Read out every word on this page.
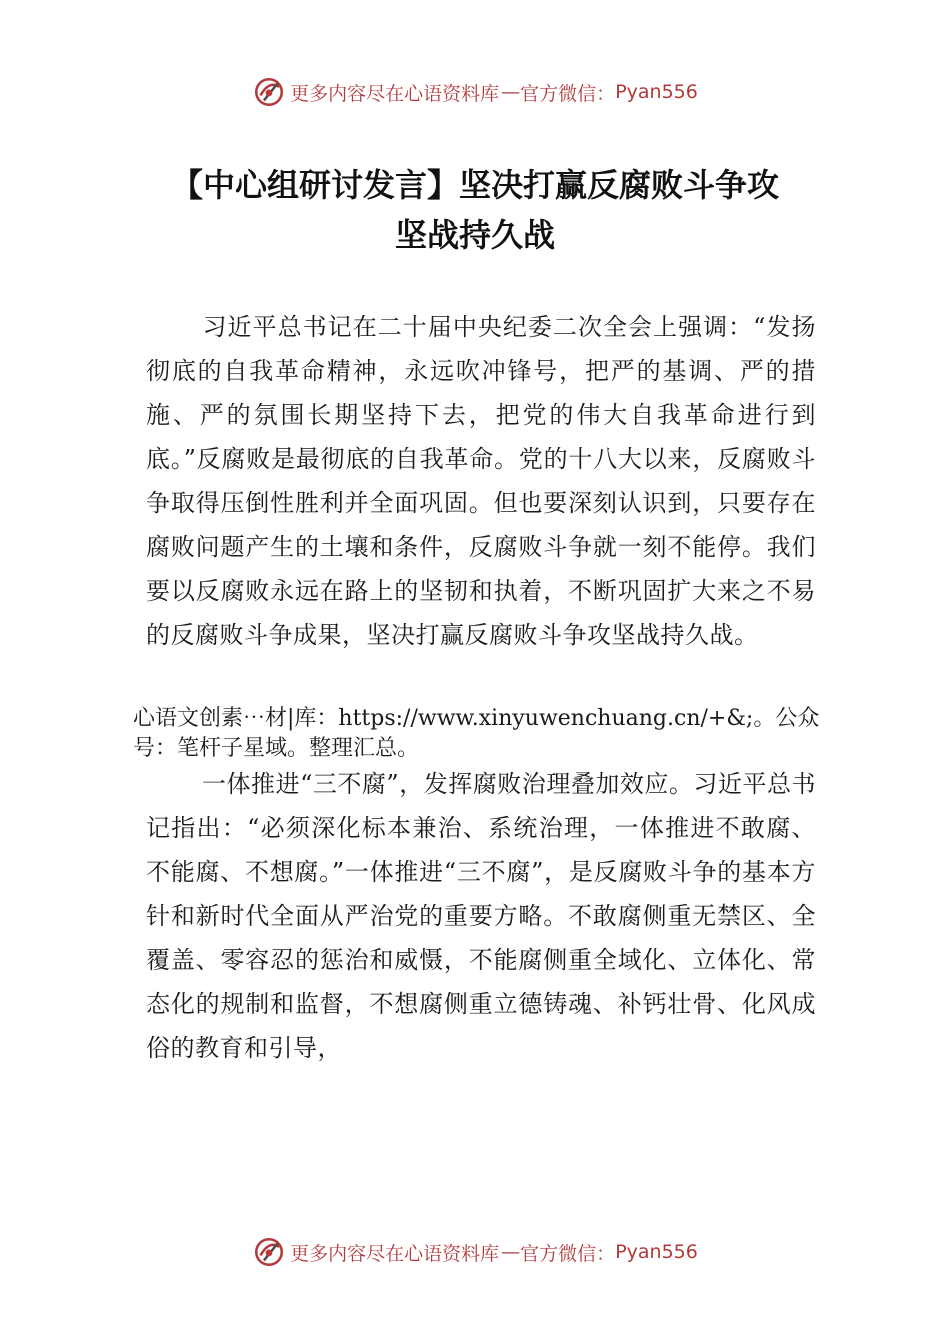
更多内容尽在心语资料库 — 官方微信： Pyan556
【中心组研讨发言】坚决打赢反腐败斗争攻
坚战持久战

习近平总书记在二十届中央纪委二次全会上强调：“发扬彻底的自我革命精神，永远吹冲锋号，把严的基调、严的措施、严的氛围长期坚持下去，把党的伟大自我革命进行到底。”反腐败是最彻底的自我革命。党的十八大以来，反腐败斗争取得压倒性胜利并全面巩固。但也要深刻认识到，只要存在腐败问题产生的土壤和条件，反腐败斗争就一刻不能停。我们要以反腐败永远在路上的坚韧和执着，不断巩固扩大来之不易的反腐败斗争成果，坚决打赢反腐败斗争攻坚战持久战。

心语文创素⋯材|库：https://www.xinyuwenchuang.cn/+&;。公众号：笔杆子星域。整理汇总。

一体推进“三不腐”，发挥腐败治理叠加效应。习近平总书记指出：“必须深化标本兼治、系统治理，一体推进不敢腐、不能腐、不想腐。”一体推进“三不腐”，是反腐败斗争的基本方针和新时代全面从严治党的重要方略。不敢腐侧重无禁区、全覆盖、零容忍的惩治和威慑，不能腐侧重全域化、立体化、常态化的规制和监督，不想腐侧重立德铸魂、补钙壮骨、化风成俗的教育和引导，

更多内容尽在心语资料库 — 官方微信： Pyan556
